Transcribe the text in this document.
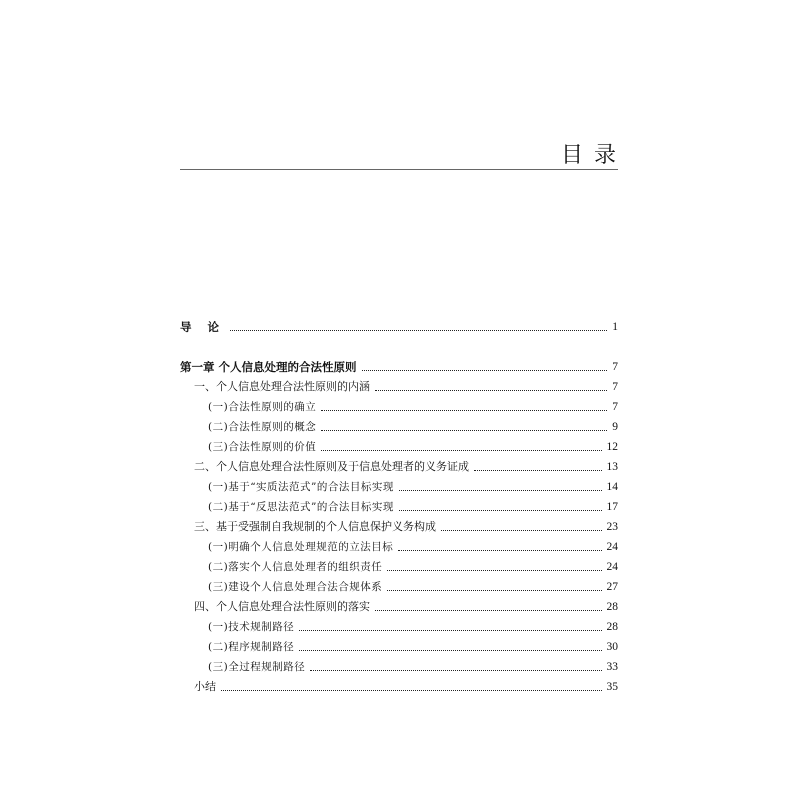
目 录
导 论	1
第一章 个人信息处理的合法性原则	7
一、个人信息处理合法性原则的内涵	7
(一)合法性原则的确立	7
(二)合法性原则的概念	9
(三)合法性原则的价值	12
二、个人信息处理合法性原则及于信息处理者的义务证成	13
(一)基于“实质法范式”的合法目标实现	14
(二)基于“反思法范式”的合法目标实现	17
三、基于受强制自我规制的个人信息保护义务构成	23
(一)明确个人信息处理规范的立法目标	24
(二)落实个人信息处理者的组织责任	24
(三)建设个人信息处理合法合规体系	27
四、个人信息处理合法性原则的落实	28
(一)技术规制路径	28
(二)程序规制路径	30
(三)全过程规制路径	33
小结	35
